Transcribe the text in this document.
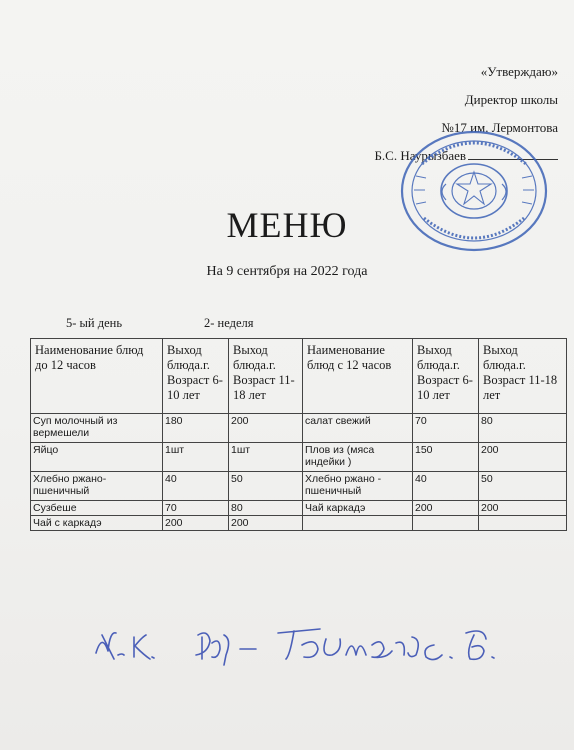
«Утверждаю»
Директор школы
№17 им. Лермонтова
Б.С. Наурызбаев
МЕНЮ
На 9 сентября на 2022 года
5- ый день	2- неделя
Наименование блюд до 12 часов	Выход блюда.г. Возраст 6-10 лет	Выход блюда.г. Возраст 11-18 лет	Наименование блюд с 12 часов	Выход блюда.г. Возраст 6-10 лет	Выход блюда.г. Возраст 11-18 лет
Суп молочный из вермешели	180	200	салат свежий	70	80
Яйцо	1шт	1шт	Плов из (мяса индейки )	150	200
Хлебно ржано-пшеничный	40	50	Хлебно ржано - пшеничный	40	50
Сузбеше	70	80	Чай каркадэ	200	200
Чай с каркадэ	200	200			
